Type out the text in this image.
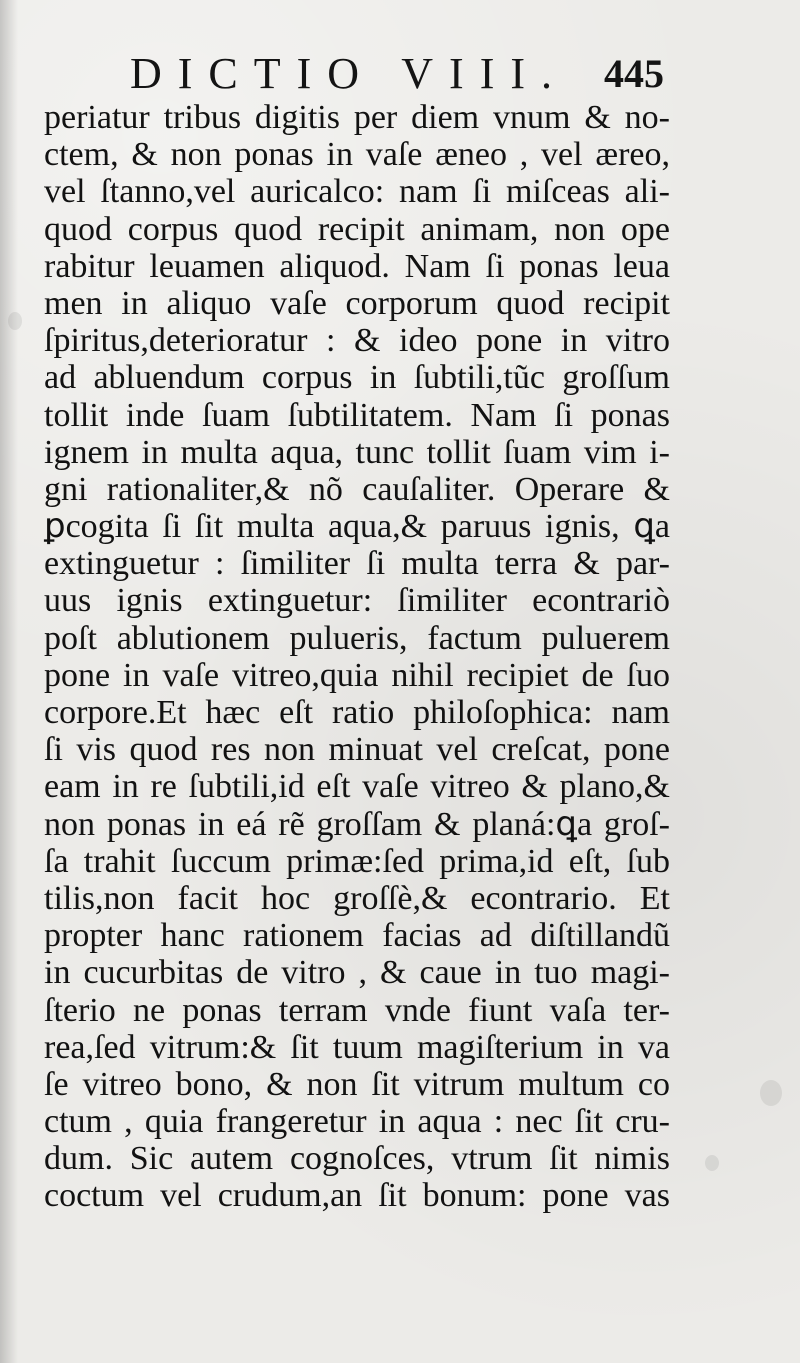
DICTIO VIII. 445
periatur tribus digitis per diem vnum & no-
ctem, & non ponas in vaſe æneo , vel æreo,
vel ſtanno,vel auricalco: nam ſi miſceas ali-
quod corpus quod recipit animam, non ope
rabitur leuamen aliquod. Nam ſi ponas leua
men in aliquo vaſe corporum quod recipit
ſpiritus,deterioratur : & ideo pone in vitro
ad abluendum corpus in ſubtili,tũc groſſum
tollit inde ſuam ſubtilitatem. Nam ſi ponas
ignem in multa aqua, tunc tollit ſuam vim i-
gni rationaliter,& nõ cauſaliter. Operare &
ꝑcogita ſi ſit multa aqua,& paruus ignis, ꝗa
extinguetur : ſimiliter ſi multa terra & par-
uus ignis extinguetur: ſimiliter econtrariò
poſt ablutionem pulueris, factum puluerem
pone in vaſe vitreo,quia nihil recipiet de ſuo
corpore.Et hæc eſt ratio philoſophica: nam
ſi vis quod res non minuat vel creſcat, pone
eam in re ſubtili,id eſt vaſe vitreo & plano,&
non ponas in eá rẽ groſſam & planá:ꝗa groſ-
ſa trahit ſuccum primæ:ſed prima,id eſt, ſub
tilis,non facit hoc groſſè,& econtrario. Et
propter hanc rationem facias ad diſtillandũ
in cucurbitas de vitro , & caue in tuo magi-
ſterio ne ponas terram vnde fiunt vaſa ter-
rea,ſed vitrum:& ſit tuum magiſterium in va
ſe vitreo bono, & non ſit vitrum multum co
ctum , quia frangeretur in aqua : nec ſit cru-
dum. Sic autem cognoſces, vtrum ſit nimis
coctum vel crudum,an ſit bonum: pone vas
